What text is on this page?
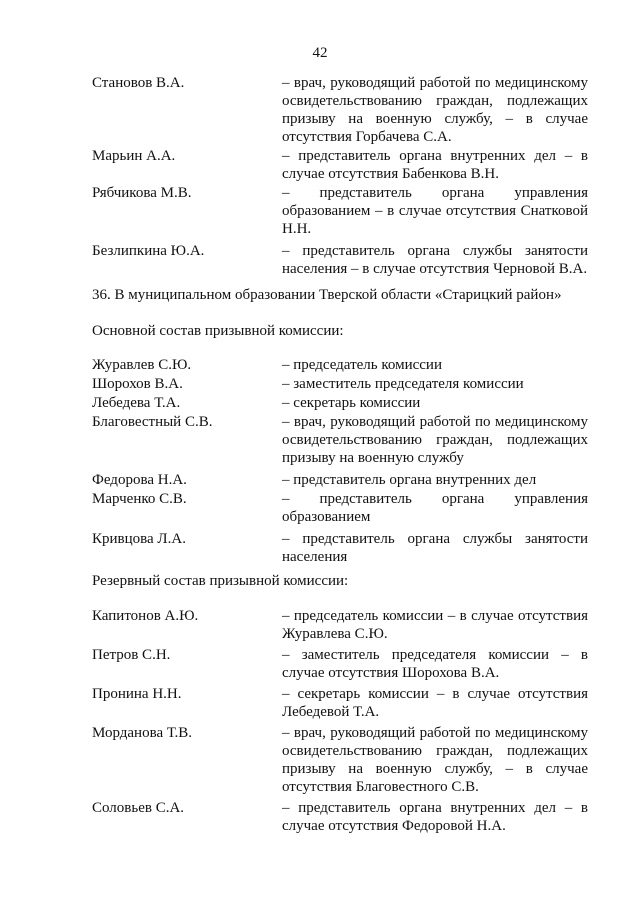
42
Становов В.А.	– врач, руководящий работой по медицинскому освидетельствованию граждан, подлежащих призыву на военную службу, – в случае отсутствия Горбачева С.А.
Марьин А.А.	– представитель органа внутренних дел – в случае отсутствия Бабенкова В.Н.
Рябчикова М.В.	– представитель органа управления образованием – в случае отсутствия Снатковой Н.Н.
Безлипкина Ю.А.	– представитель органа службы занятости населения – в случае отсутствия Черновой В.А.
36. В муниципальном образовании Тверской области «Старицкий район»
Основной состав призывной комиссии:
Журавлев С.Ю.	– председатель комиссии
Шорохов В.А.	– заместитель председателя комиссии
Лебедева Т.А.	– секретарь комиссии
Благовестный С.В.	– врач, руководящий работой по медицинскому освидетельствованию граждан, подлежащих призыву на военную службу
Федорова Н.А.	– представитель органа внутренних дел
Марченко С.В.	– представитель органа управления образованием
Кривцова Л.А.	– представитель органа службы занятости населения
Резервный состав призывной комиссии:
Капитонов А.Ю.	– председатель комиссии – в случае отсутствия Журавлева С.Ю.
Петров С.Н.	– заместитель председателя комиссии – в случае отсутствия Шорохова В.А.
Пронина Н.Н.	– секретарь комиссии – в случае отсутствия Лебедевой Т.А.
Морданова Т.В.	– врач, руководящий работой по медицинскому освидетельствованию граждан, подлежащих призыву на военную службу, – в случае отсутствия Благовестного С.В.
Соловьев С.А.	– представитель органа внутренних дел – в случае отсутствия Федоровой Н.А.
